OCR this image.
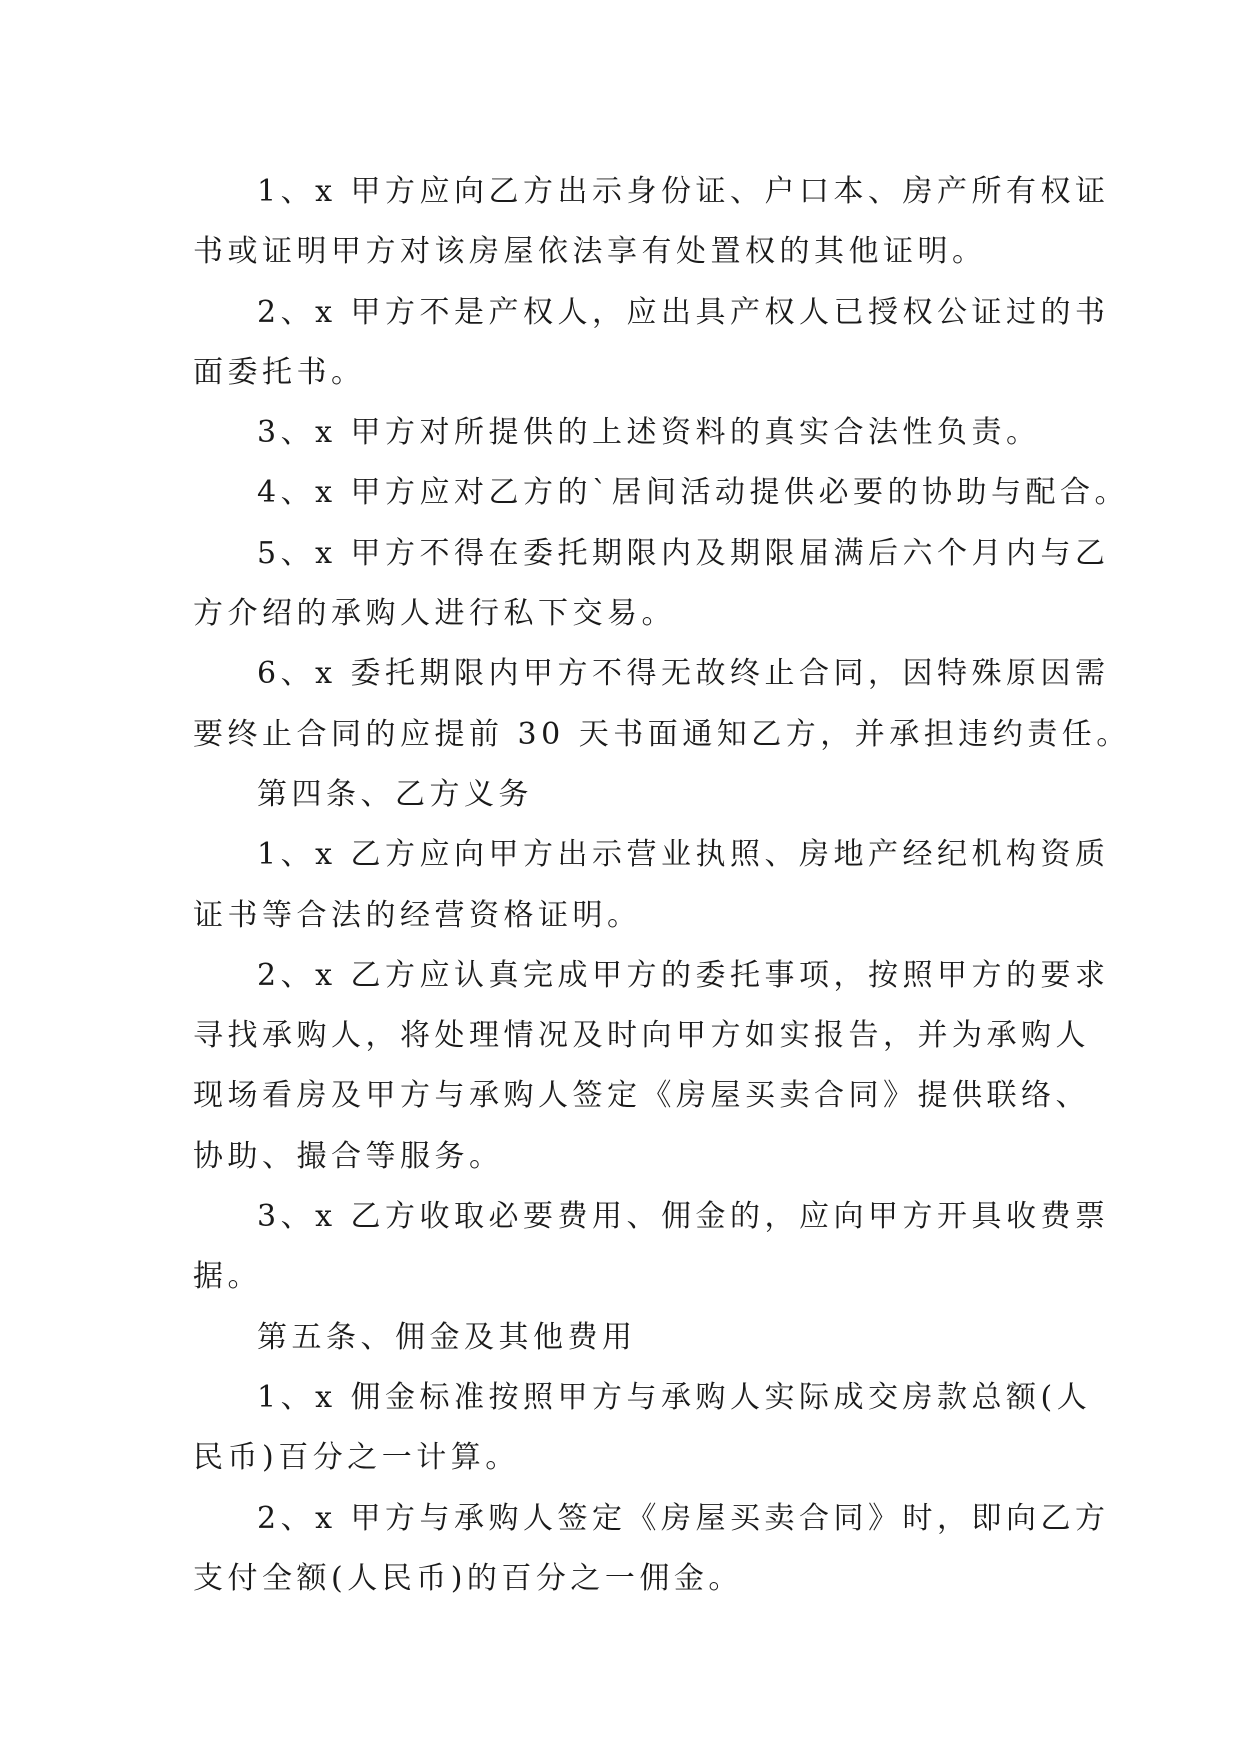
1、x 甲方应向乙方出示身份证、户口本、房产所有权证
书或证明甲方对该房屋依法享有处置权的其他证明。
2、x 甲方不是产权人，应出具产权人已授权公证过的书
面委托书。
3、x 甲方对所提供的上述资料的真实合法性负责。
4、x 甲方应对乙方的`居间活动提供必要的协助与配合。
5、x 甲方不得在委托期限内及期限届满后六个月内与乙
方介绍的承购人进行私下交易。
6、x 委托期限内甲方不得无故终止合同，因特殊原因需
要终止合同的应提前 30 天书面通知乙方，并承担违约责任。
第四条、乙方义务
1、x 乙方应向甲方出示营业执照、房地产经纪机构资质
证书等合法的经营资格证明。
2、x 乙方应认真完成甲方的委托事项，按照甲方的要求
寻找承购人，将处理情况及时向甲方如实报告，并为承购人
现场看房及甲方与承购人签定《房屋买卖合同》提供联络、
协助、撮合等服务。
3、x 乙方收取必要费用、佣金的，应向甲方开具收费票
据。
第五条、佣金及其他费用
1、x 佣金标准按照甲方与承购人实际成交房款总额(人
民币)百分之一计算。
2、x 甲方与承购人签定《房屋买卖合同》时，即向乙方
支付全额(人民币)的百分之一佣金。
